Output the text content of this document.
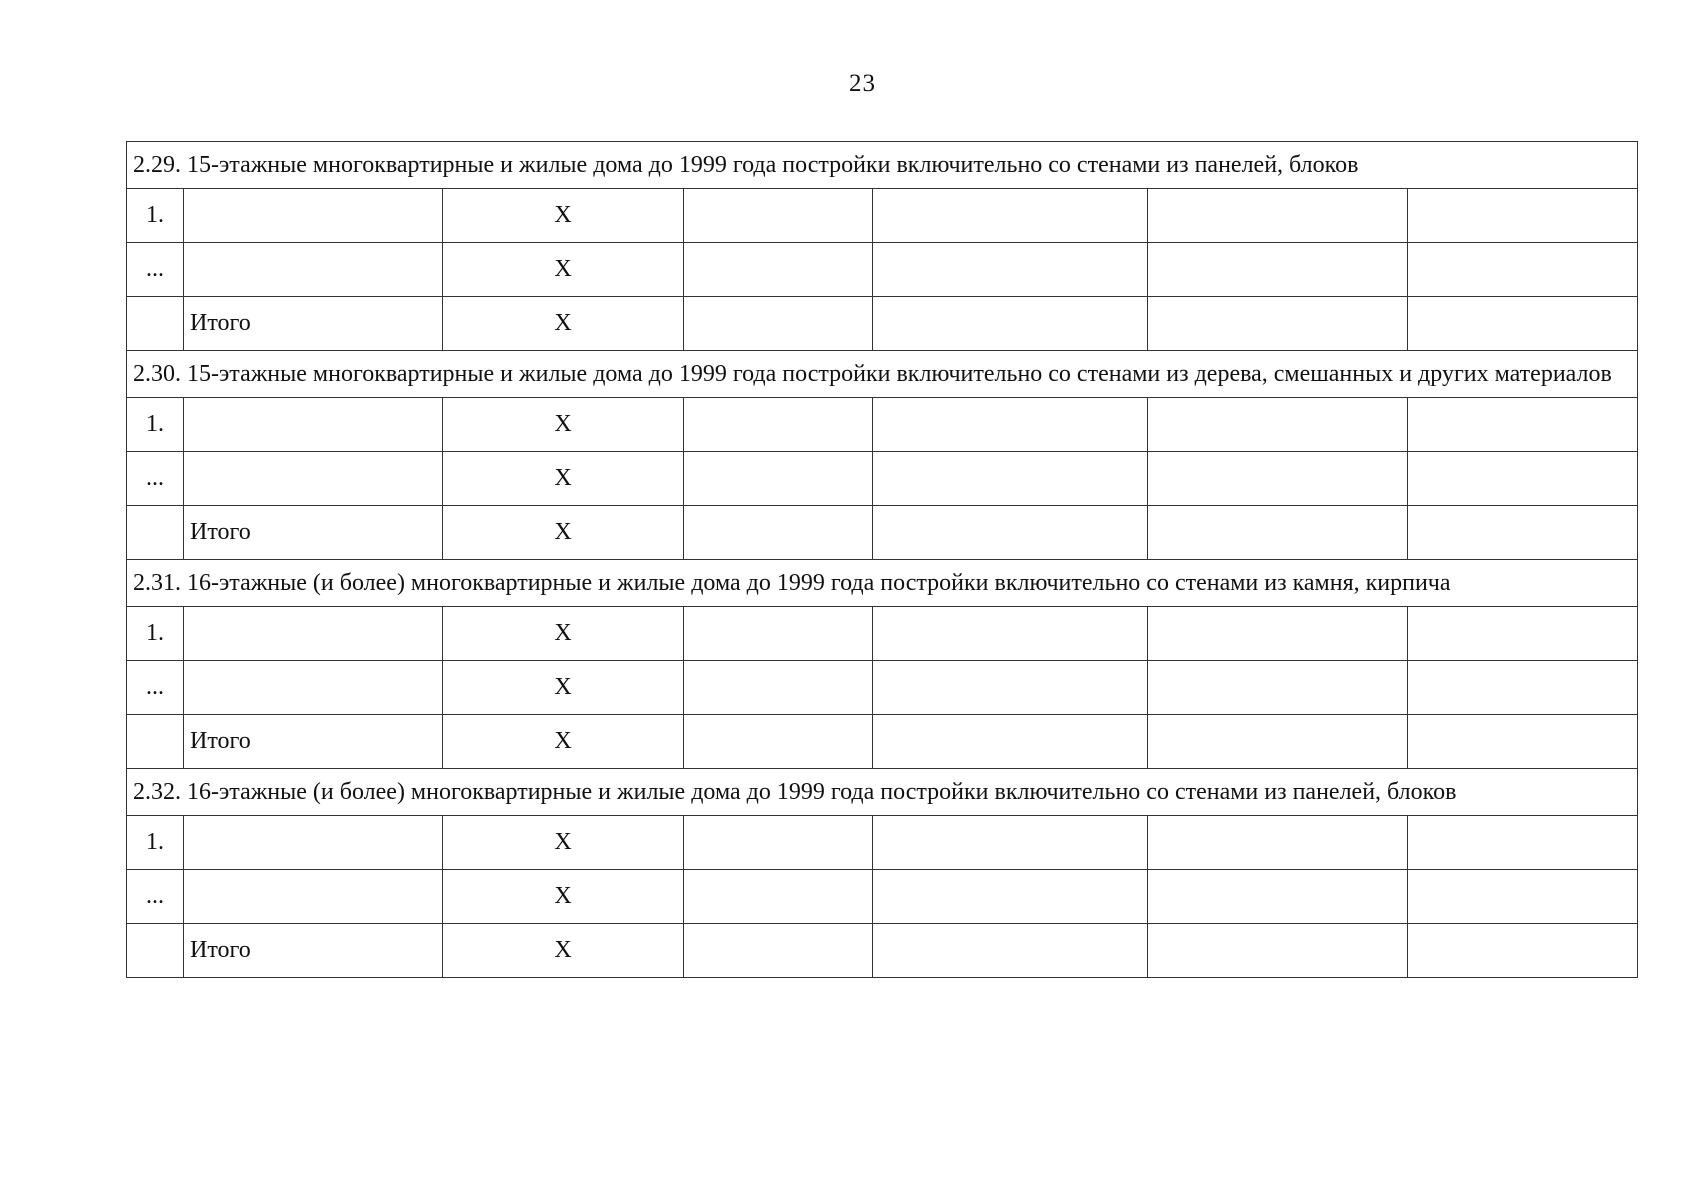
23
2.29. 15-этажные многоквартирные и жилые дома до 1999 года постройки включительно со стенами из панелей, блоков						
1.		X				
...		X				
	Итого	X				
2.30. 15-этажные многоквартирные и жилые дома до 1999 года постройки включительно со стенами из дерева, смешанных и других материалов						
1.		X				
...		X				
	Итого	X				
2.31. 16-этажные (и более) многоквартирные и жилые дома до 1999 года постройки включительно со стенами из камня, кирпича						
1.		X				
...		X				
	Итого	X				
2.32. 16-этажные (и более) многоквартирные и жилые дома до 1999 года постройки включительно со стенами из панелей, блоков						
1.		X				
...		X				
	Итого	X				
